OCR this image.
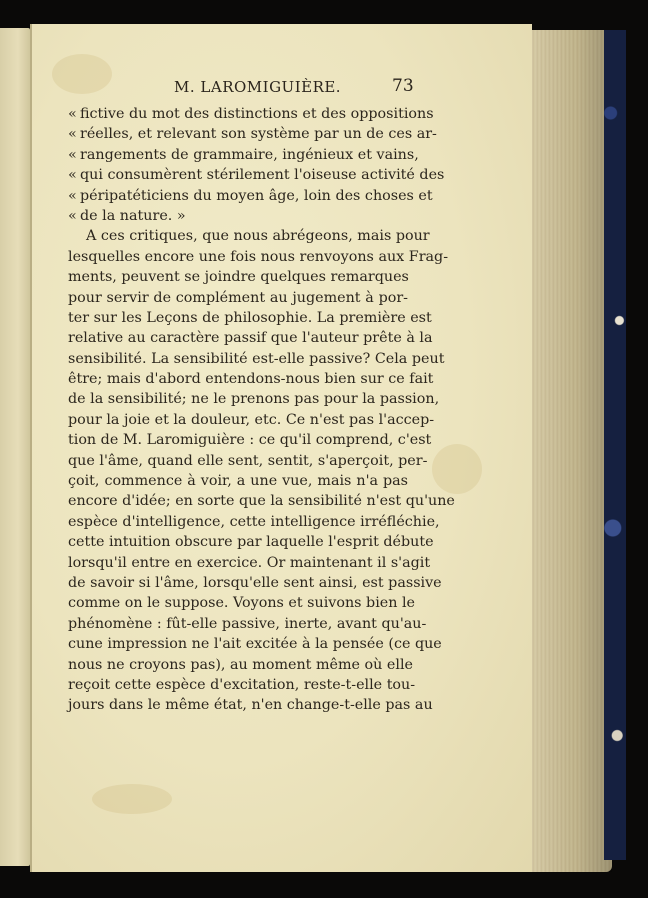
M. LAROMIGUIÈRE.	73
« fictive du mot des distinctions et des oppositions
« réelles, et relevant son système par un de ces ar-
« rangements de grammaire, ingénieux et vains,
« qui consumèrent stérilement l'oiseuse activité des
« péripatéticiens du moyen âge, loin des choses et
« de la nature. »
A ces critiques, que nous abrégeons, mais pour
lesquelles encore une fois nous renvoyons aux Frag-
ments, peuvent se joindre quelques remarques
pour servir de complément au jugement à por-
ter sur les Leçons de philosophie. La première est
relative au caractère passif que l'auteur prête à la
sensibilité. La sensibilité est-elle passive? Cela peut
être; mais d'abord entendons-nous bien sur ce fait
de la sensibilité; ne le prenons pas pour la passion,
pour la joie et la douleur, etc. Ce n'est pas l'accep-
tion de M. Laromiguière : ce qu'il comprend, c'est
que l'âme, quand elle sent, sentit, s'aperçoit, per-
çoit, commence à voir, a une vue, mais n'a pas
encore d'idée; en sorte que la sensibilité n'est qu'une
espèce d'intelligence, cette intelligence irréfléchie,
cette intuition obscure par laquelle l'esprit débute
lorsqu'il entre en exercice. Or maintenant il s'agit
de savoir si l'âme, lorsqu'elle sent ainsi, est passive
comme on le suppose. Voyons et suivons bien le
phénomène : fût-elle passive, inerte, avant qu'au-
cune impression ne l'ait excitée à la pensée (ce que
nous ne croyons pas), au moment même où elle
reçoit cette espèce d'excitation, reste-t-elle tou-
jours dans le même état, n'en change-t-elle pas au
